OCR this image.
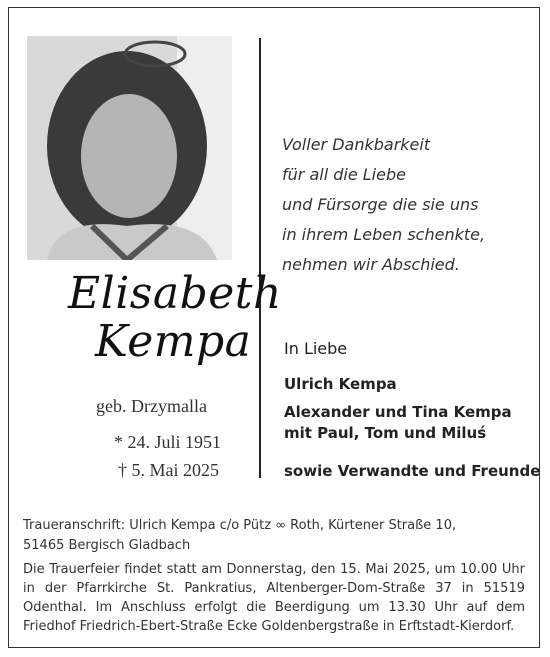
Elisabeth
Kempa
geb. Drzymalla
* 24. Juli 1951
† 5. Mai 2025
Voller Dankbarkeit
für all die Liebe
und Fürsorge die sie uns
in ihrem Leben schenkte,
nehmen wir Abschied.
In Liebe
Ulrich Kempa
Alexander und Tina Kempa
mit Paul, Tom und Miluś
sowie Verwandte und Freunde
Traueranschrift: Ulrich Kempa c/o Pütz ∞ Roth, Kürtener Straße 10,
51465 Bergisch Gladbach
Die Trauerfeier findet statt am Donnerstag, den 15. Mai 2025, um 10.00 Uhr in der Pfarrkirche St. Pankratius, Altenberger-Dom-Straße 37 in 51519 Odenthal. Im Anschluss erfolgt die Beerdigung um 13.30 Uhr auf dem Friedhof Friedrich-Ebert-Straße Ecke Goldenbergstraße in Erftstadt-Kierdorf.
